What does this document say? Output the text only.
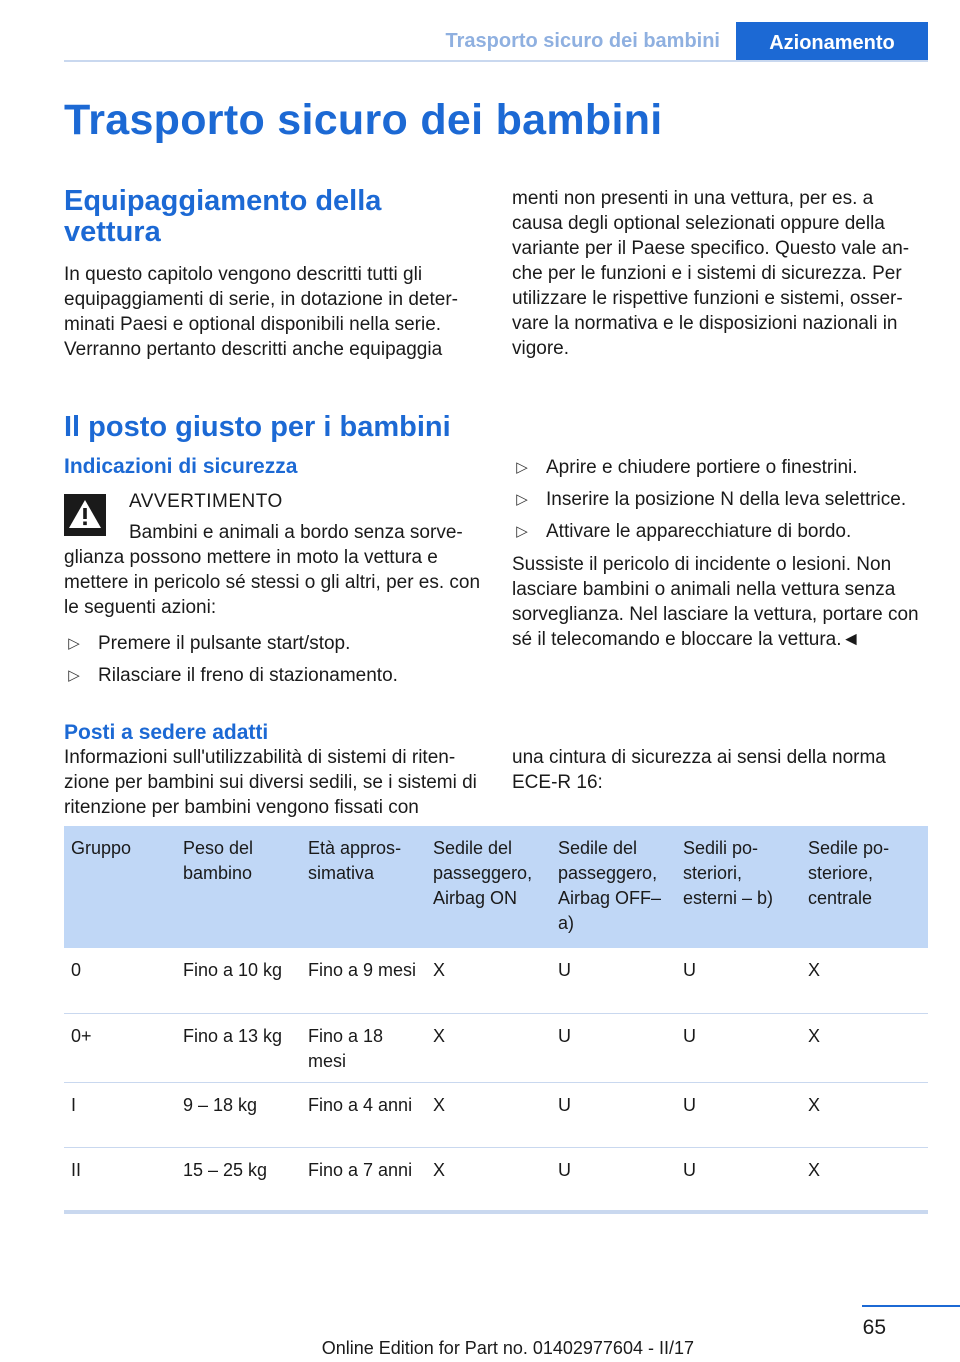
Trasporto sicuro dei bambini	Azionamento
Trasporto sicuro dei bambini
Equipaggiamento della
vettura

In questo capitolo vengono descritti tutti gli equipaggiamenti di serie, in dotazione in determinati Paesi e optional disponibili nella serie. Verranno pertanto descritti anche equipaggia

menti non presenti in una vettura, per es. a causa degli optional selezionati oppure della variante per il Paese specifico. Questo vale anche per le funzioni e i sistemi di sicurezza. Per utilizzare le rispettive funzioni e sistemi, osservare la normativa e le disposizioni nazionali in vigore.

Il posto giusto per i bambini
Indicazioni di sicurezza
AVVERTIMENTO

Bambini e animali a bordo senza sorveglianza possono mettere in moto la vettura e mettere in pericolo sé stessi o gli altri, per es. con le seguenti azioni:

▷ Premere il pulsante start/stop.
▷ Rilasciare il freno di stazionamento.
▷ Aprire e chiudere portiere o finestrini.
▷ Inserire la posizione N della leva selettrice.
▷ Attivare le apparecchiature di bordo.

Sussiste il pericolo di incidente o lesioni. Non lasciare bambini o animali nella vettura senza sorveglianza. Nel lasciare la vettura, portare con sé il telecomando e bloccare la vettura.◄

Posti a sedere adatti

Informazioni sull'utilizzabilità di sistemi di ritenzione per bambini sui diversi sedili, se i sistemi di ritenzione per bambini vengono fissati con

una cintura di sicurezza ai sensi della norma ECE-R 16:

Gruppo	Peso del bambino	Età approssimativa	Sedile del passeggero, Airbag ON	Sedile del passeggero, Airbag OFF– a)	Sedili posteriori, esterni – b)	Sedile posteriore, centrale
0	Fino a 10 kg	Fino a 9 mesi	X	U	U	X
0+	Fino a 13 kg	Fino a 18 mesi	X	U	U	X
I	9 – 18 kg	Fino a 4 anni	X	U	U	X
II	15 – 25 kg	Fino a 7 anni	X	U	U	X
65
Online Edition for Part no. 01402977604 - II/17
